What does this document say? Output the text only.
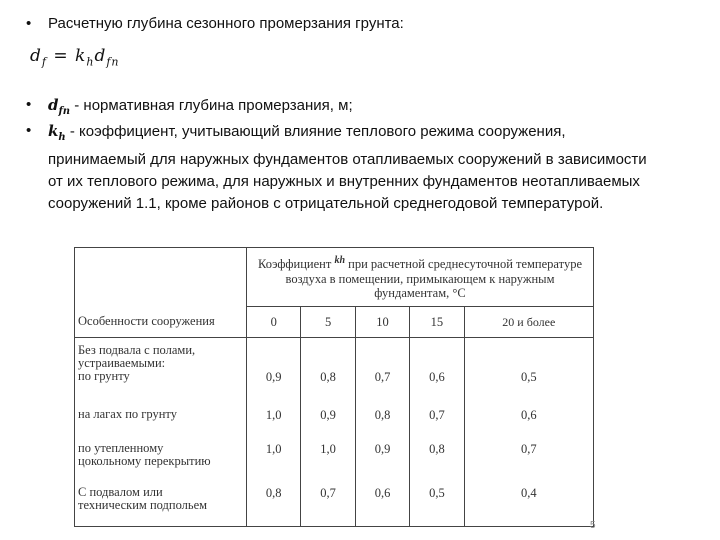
• Расчетную глубина сезонного промерзания грунта:
$d_f = k_hd_{fn}$
• $d_{fn}$ - нормативная глубина промерзания, м;
• $k_h$ - коэффициент, учитывающий влияние теплового режима сооружения, принимаемый для наружных фундаментов отапливаемых сооружений в зависимости от их теплового режима, для наружных и внутренних фундаментов неотапливаемых сооружений 1.1, кроме районов с отрицательной среднегодовой температурой.
Особенности сооружения	Коэффициент $^{kh}$ при расчетной среднесуточной температуре воздуха в помещении, примыкающем к наружным фундаментам, °С				
	0	5	10	15	20 и более

Без подвала с полами,
устраиваемыми:
по грунту	0,9	0,8	0,7	0,6	0,5
на лагах по грунту	1,0	0,9	0,8	0,7	0,6

по утепленному
цокольному перекрытию	1,0	1,0	0,9	0,8	0,7

С подвалом или
техническим подпольем	0,8	0,7	0,6	0,5	0,4
5
